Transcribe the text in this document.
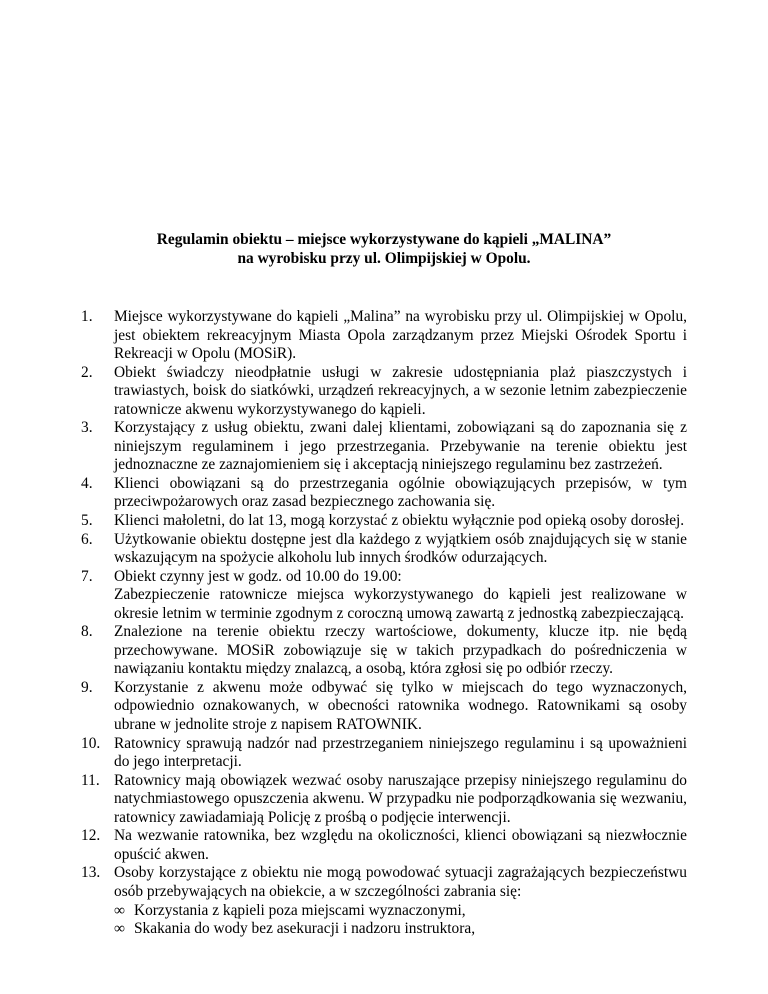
Regulamin obiektu – miejsce wykorzystywane do kąpieli „MALINA”
na wyrobisku przy ul. Olimpijskiej w Opolu.
1.	Miejsce wykorzystywane do kąpieli „Malina” na wyrobisku przy ul. Olimpijskiej w Opolu, jest obiektem rekreacyjnym Miasta Opola zarządzanym przez Miejski Ośrodek Sportu i Rekreacji w Opolu (MOSiR).
2.	Obiekt świadczy nieodpłatnie usługi w zakresie udostępniania plaż piaszczystych i trawiastych, boisk do siatkówki, urządzeń rekreacyjnych, a w sezonie letnim zabezpieczenie ratownicze akwenu wykorzystywanego do kąpieli.
3.	Korzystający z usług obiektu, zwani dalej klientami, zobowiązani są do zapoznania się z niniejszym regulaminem i jego przestrzegania. Przebywanie na terenie obiektu jest jednoznaczne ze zaznajomieniem się i akceptacją niniejszego regulaminu bez zastrzeżeń.
4.	Klienci obowiązani są do przestrzegania ogólnie obowiązujących przepisów, w tym przeciwpożarowych oraz zasad bezpiecznego zachowania się.
5.	Klienci małoletni, do lat 13, mogą korzystać z obiektu wyłącznie pod opieką osoby dorosłej.
6.	Użytkowanie obiektu dostępne jest dla każdego z wyjątkiem osób znajdujących się w stanie wskazującym na spożycie alkoholu lub innych środków odurzających.
7.	Obiekt czynny jest w godz. od 10.00 do 19.00:
Zabezpieczenie ratownicze miejsca wykorzystywanego do kąpieli jest realizowane w okresie letnim w terminie zgodnym z coroczną umową zawartą z jednostką zabezpieczającą.
8.	Znalezione na terenie obiektu rzeczy wartościowe, dokumenty, klucze itp. nie będą przechowywane. MOSiR zobowiązuje się w takich przypadkach do pośredniczenia w nawiązaniu kontaktu między znalazcą, a osobą, która zgłosi się po odbiór rzeczy.
9.	Korzystanie z akwenu może odbywać się tylko w miejscach do tego wyznaczonych, odpowiednio oznakowanych, w obecności ratownika wodnego. Ratownikami są osoby ubrane w jednolite stroje z napisem RATOWNIK.
10. Ratownicy sprawują nadzór nad przestrzeganiem niniejszego regulaminu i są upoważnieni do jego interpretacji.
11. Ratownicy mają obowiązek wezwać osoby naruszające przepisy niniejszego regulaminu do natychmiastowego opuszczenia akwenu. W przypadku nie podporządkowania się wezwaniu, ratownicy zawiadamiają Policję z prośbą o podjęcie interwencji.
12. Na wezwanie ratownika, bez względu na okoliczności, klienci obowiązani są niezwłocznie opuścić akwen.
13. Osoby korzystające z obiektu nie mogą powodować sytuacji zagrażających bezpieczeństwu osób przebywających na obiekcie, a w szczególności zabrania się:
∞ Korzystania z kąpieli poza miejscami wyznaczonymi,
∞ Skakania do wody bez asekuracji i nadzoru instruktora,
